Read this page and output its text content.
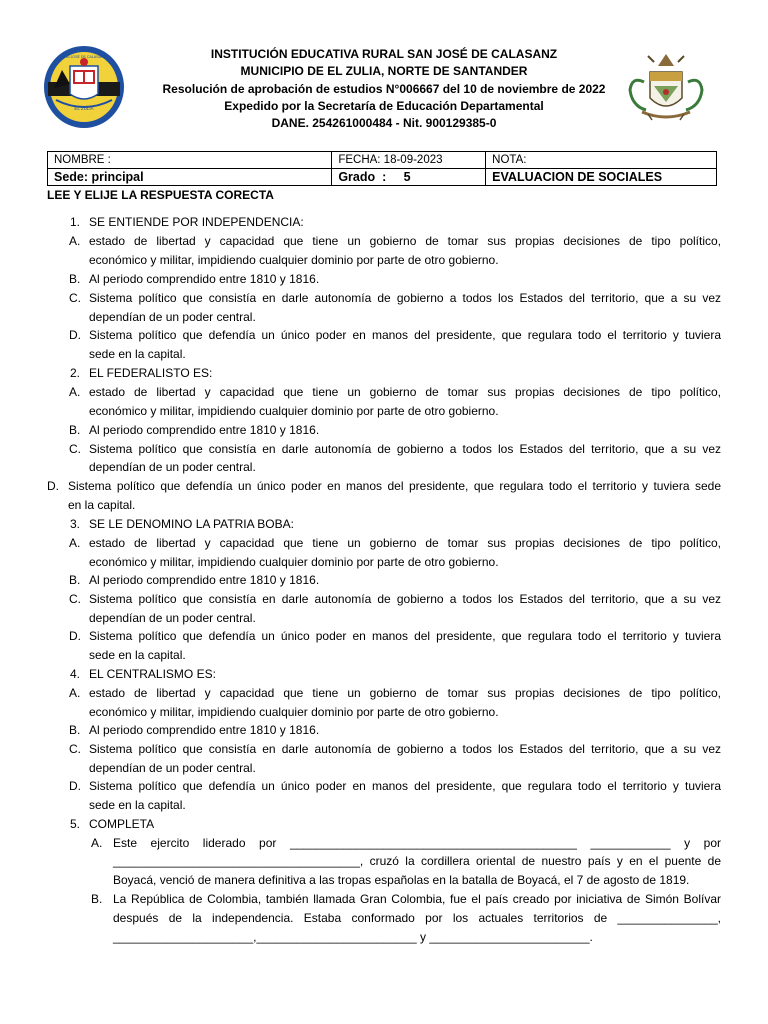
EL ZULIA
SAN JOSÉ DE CALASANZ	INSTITUCIÓN EDUCATIVA RURAL SAN JOSÉ DE CALASANZ
MUNICIPIO DE EL ZULIA, NORTE DE SANTANDER
Resolución de aprobación de estudios N°006667 del 10 de noviembre de 2022
Expedido por la Secretaría de Educación Departamental
DANE. 254261000484 - Nit. 900129385-0
NOMBRE :	FECHA: 18-09-2023	NOTA:
Sede: principal	Grado  :     5	EVALUACION DE SOCIALES
LEE Y ELIJE LA RESPUESTA CORECTA
1. SE ENTIENDE POR INDEPENDENCIA:
A. estado de libertad y capacidad que tiene un gobierno de tomar sus propias decisiones de tipo político,
económico y militar, impidiendo cualquier dominio por parte de otro gobierno.
B. Al periodo comprendido entre 1810 y 1816.
C. Sistema político que consistía en darle autonomía de gobierno a todos los Estados del territorio, que a su vez
dependían de un poder central.
D. Sistema político que defendía un único poder en manos del presidente, que regulara todo el territorio y tuviera
sede en la capital.
2. EL FEDERALISTO ES:
A. estado de libertad y capacidad que tiene un gobierno de tomar sus propias decisiones de tipo político,
económico y militar, impidiendo cualquier dominio por parte de otro gobierno.
B. Al periodo comprendido entre 1810 y 1816.
C. Sistema político que consistía en darle autonomía de gobierno a todos los Estados del territorio, que a su vez
dependían de un poder central.
D. Sistema político que defendía un único poder en manos del presidente, que regulara todo el territorio y tuviera sede
en la capital.
3. SE LE DENOMINO LA PATRIA BOBA:
A. estado de libertad y capacidad que tiene un gobierno de tomar sus propias decisiones de tipo político,
económico y militar, impidiendo cualquier dominio por parte de otro gobierno.
B. Al periodo comprendido entre 1810 y 1816.
C. Sistema político que consistía en darle autonomía de gobierno a todos los Estados del territorio, que a su vez
dependían de un poder central.
D. Sistema político que defendía un único poder en manos del presidente, que regulara todo el territorio y tuviera
sede en la capital.
4. EL CENTRALISMO ES:
A. estado de libertad y capacidad que tiene un gobierno de tomar sus propias decisiones de tipo político,
económico y militar, impidiendo cualquier dominio por parte de otro gobierno.
B. Al periodo comprendido entre 1810 y 1816.
C. Sistema político que consistía en darle autonomía de gobierno a todos los Estados del territorio, que a su vez
dependían de un poder central.
D. Sistema político que defendía un único poder en manos del presidente, que regulara todo el territorio y tuviera
sede en la capital.
5. COMPLETA
A. Este ejercito liderado por ___________________________________________ ____________ y por
_____________________________________, cruzó la cordillera oriental de nuestro país y en el puente de
Boyacá, venció de manera definitiva a las tropas españolas en la batalla de Boyacá, el 7 de agosto de 1819.
B. La República de Colombia, también llamada Gran Colombia, fue el país creado por iniciativa de Simón Bolívar
después de la independencia. Estaba conformado por los actuales territorios de _______________,
_____________________,________________________ y ________________________.
